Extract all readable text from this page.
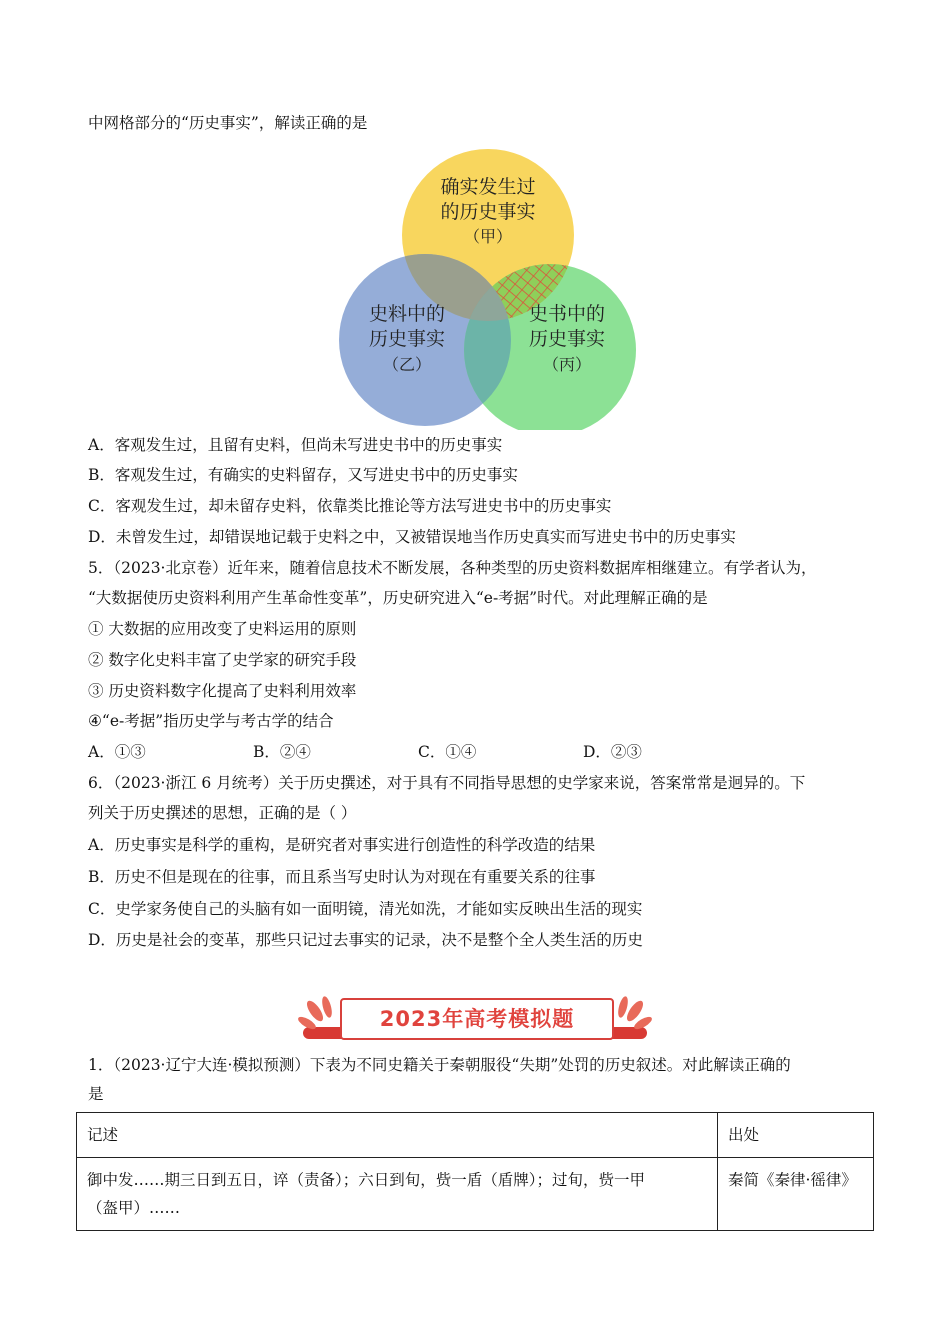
中网格部分的“历史事实”，解读正确的是
确实发生过
的历史事实
（甲）
史料中的
历史事实
（乙）
史书中的
历史事实
（丙）
A．客观发生过，且留有史料，但尚未写进史书中的历史事实
B．客观发生过，有确实的史料留存，又写进史书中的历史事实
C．客观发生过，却未留存史料，依靠类比推论等方法写进史书中的历史事实
D．未曾发生过，却错误地记载于史料之中，又被错误地当作历史真实而写进史书中的历史事实
5．（2023·北京卷）近年来，随着信息技术不断发展，各种类型的历史资料数据库相继建立。有学者认为，
“大数据使历史资料利用产生革命性变革”，历史研究进入“e-考据”时代。对此理解正确的是
① 大数据的应用改变了史料运用的原则
② 数字化史料丰富了史学家的研究手段
③ 历史资料数字化提高了史料利用效率
④“e-考据”指历史学与考古学的结合
A．①③	B．②④	C．①④	D．②③
6．（2023·浙江 6 月统考）关于历史撰述，对于具有不同指导思想的史学家来说，答案常常是迥异的。下
列关于历史撰述的思想，正确的是（ ）
A．历史事实是科学的重构，是研究者对事实进行创造性的科学改造的结果
B．历史不但是现在的往事，而且系当写史时认为对现在有重要关系的往事
C．史学家务使自己的头脑有如一面明镜，清光如洗，才能如实反映出生活的现实
D．历史是社会的变革，那些只记过去事实的记录，决不是整个全人类生活的历史
2023年高考模拟题
1．（2023·辽宁大连·模拟预测）下表为不同史籍关于秦朝服役“失期”处罚的历史叙述。对此解读正确的
是
记述	出处

御中发……期三日到五日，谇（责备）；六日到旬，赀一盾（盾牌）；过旬，赀一甲
（盔甲）……	秦简《秦律·徭律》
